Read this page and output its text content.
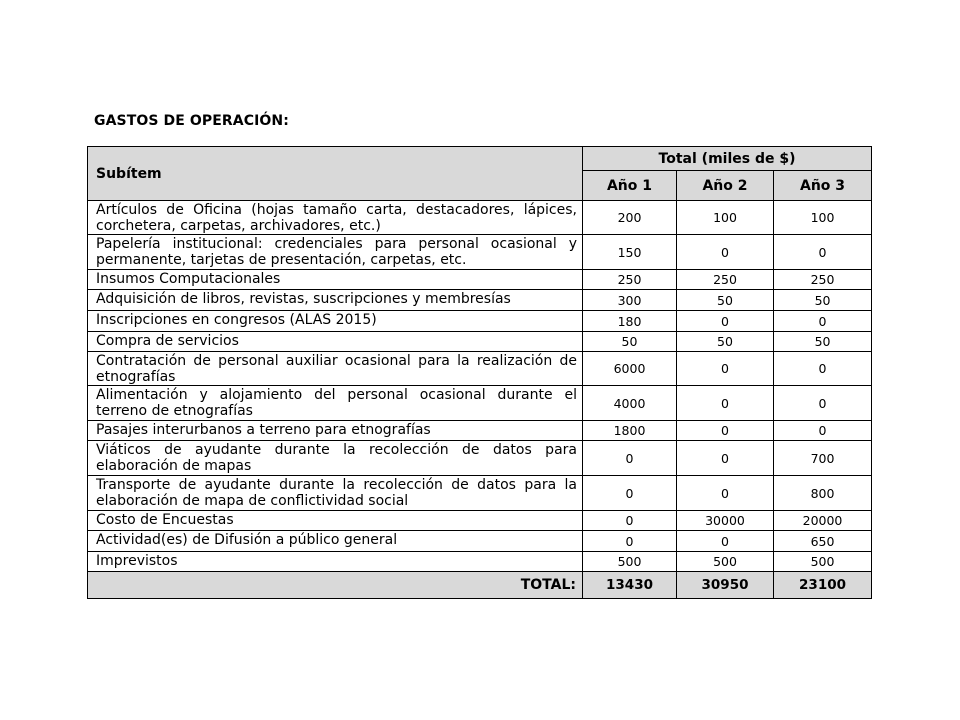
GASTOS DE OPERACIÓN:
Subítem	Total (miles de $)		
	Año 1	Año 2	Año 3
Artículos de Oficina (hojas tamaño carta, destacadores, lápices, corchetera, carpetas, archivadores, etc.)	200	100	100
Papelería institucional: credenciales para personal ocasional y permanente, tarjetas de presentación, carpetas, etc.	150	0	0
Insumos Computacionales	250	250	250
Adquisición de libros, revistas, suscripciones y membresías	300	50	50
Inscripciones en congresos (ALAS 2015)	180	0	0
Compra de servicios	50	50	50
Contratación de personal auxiliar ocasional para la realización de etnografías	6000	0	0
Alimentación y alojamiento del personal ocasional durante el terreno de etnografías	4000	0	0
Pasajes interurbanos a terreno para etnografías	1800	0	0
Viáticos de ayudante durante la recolección de datos para elaboración de mapas	0	0	700
Transporte de ayudante durante la recolección de datos para la elaboración de mapa de conflictividad social	0	0	800
Costo de Encuestas	0	30000	20000
Actividad(es) de Difusión a público general	0	0	650
Imprevistos	500	500	500
TOTAL:	13430	30950	23100
